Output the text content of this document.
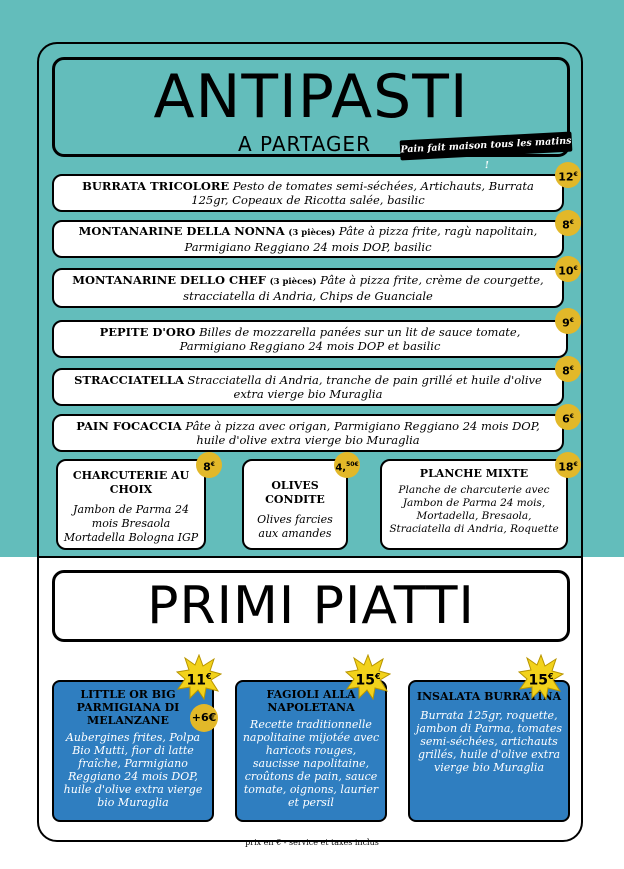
ANTIPASTI
A PARTAGER	Pain fait maison tous les matins !
BURRATA TRICOLORE Pesto de tomates semi-séchées, Artichauts, Burrata 125gr, Copeaux de Ricotta salée, basilic
12€
MONTANARINE DELLA NONNA (3 pièces) Pâte à pizza frite, ragù napolitain, Parmigiano Reggiano 24 mois DOP, basilic
8€
MONTANARINE DELLO CHEF (3 pièces) Pâte à pizza frite, crème de courgette, stracciatella di Andria, Chips de Guanciale
10€
PEPITE D'ORO Billes de mozzarella panées sur un lit de sauce tomate, Parmigiano Reggiano 24 mois DOP et basilic
9€
STRACCIATELLA Stracciatella di Andria, tranche de pain grillé et huile d'olive extra vierge bio Muraglia
8€
PAIN FOCACCIA Pâte à pizza avec origan, Parmigiano Reggiano 24 mois DOP, huile d'olive extra vierge bio Muraglia
6€
CHARCUTERIE AU CHOIX
Jambon de Parma 24 mois Bresaola Mortadella Bologna IGP
8€
OLIVES CONDITE
Olives farcies aux amandes
4,$^{50€}$
PLANCHE MIXTE
Planche de charcuterie avec Jambon de Parma 24 mois, Mortadella, Bresaola, Straciatella di Andria, Roquette
18€
PRIMI PIATTI
LITTLE OR BIG PARMIGIANA DI MELANZANE
Aubergines frites, Polpa Bio Mutti, fior di latte fraîche, Parmigiano Reggiano 24 mois DOP, huile d'olive extra vierge bio Muraglia
+6€
FAGIOLI ALLA NAPOLETANA
Recette traditionnelle napolitaine mijotée avec haricots rouges, saucisse napolitaine, croûtons de pain, sauce tomate, oignons, laurier et persil
INSALATA BURRATINA
Burrata 125gr, roquette, jambon di Parma, tomates semi-séchées, artichauts grillés, huile d'olive extra vierge bio Muraglia
11€	15€	15€
prix en € - service et taxes inclus
